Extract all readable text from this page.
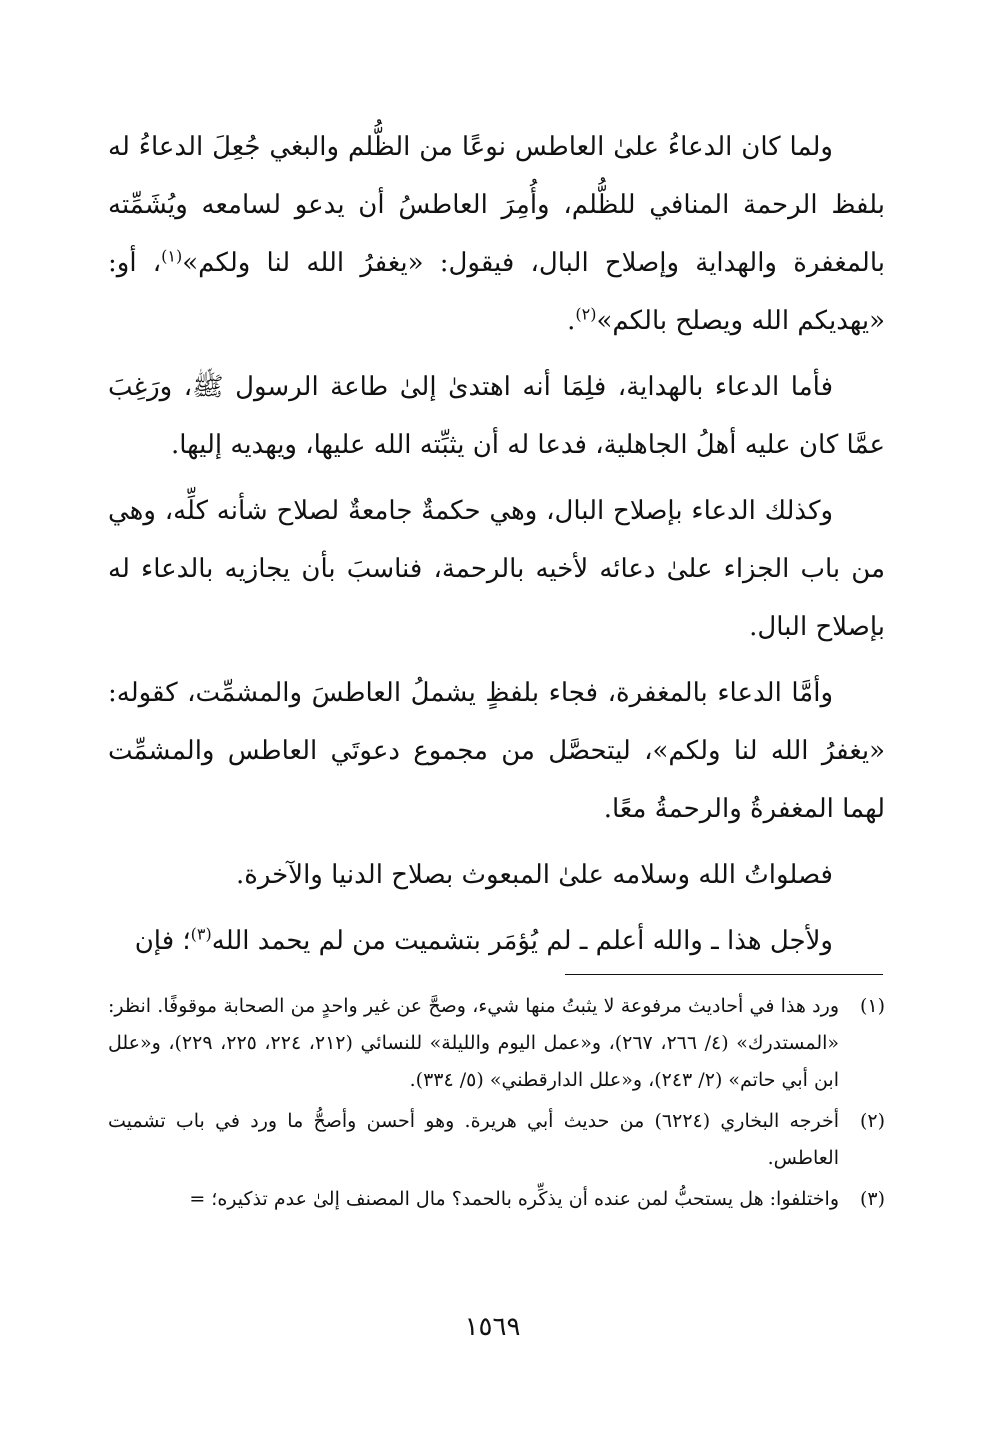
ولما كان الدعاءُ علىٰ العاطس نوعًا من الظُّلم والبغي جُعِلَ الدعاءُ له بلفظ الرحمة المنافي للظُّلم، وأُمِرَ العاطسُ أن يدعو لسامعه ويُشَمِّته بالمغفرة والهداية وإصلاح البال، فيقول: «يغفرُ الله لنا ولكم»$^{(١)}$، أو: «يهديكم الله ويصلح بالكم»$^{(٢)}$.

فأما الدعاء بالهداية، فلِمَا أنه اهتدىٰ إلىٰ طاعة الرسول ﷺ، ورَغِبَ عمَّا كان عليه أهلُ الجاهلية، فدعا له أن يثبِّته الله عليها، ويهديه إليها.

وكذلك الدعاء بإصلاح البال، وهي حكمةٌ جامعةٌ لصلاح شأنه كلِّه، وهي من باب الجزاء علىٰ دعائه لأخيه بالرحمة، فناسبَ بأن يجازيه بالدعاء له بإصلاح البال.

وأمَّا الدعاء بالمغفرة، فجاء بلفظٍ يشملُ العاطسَ والمشمِّت، كقوله: «يغفرُ الله لنا ولكم»، ليتحصَّل من مجموع دعوتَي العاطس والمشمِّت لهما المغفرةُ والرحمةُ معًا.

فصلواتُ الله وسلامه علىٰ المبعوث بصلاح الدنيا والآخرة.

ولأجل هذا ـ والله أعلم ـ لم يُؤمَر بتشميت من لم يحمد الله$^{(٣)}$؛ فإن

(١)
ورد هذا في أحاديث مرفوعة لا يثبتُ منها شيء، وصحَّ عن غير واحدٍ من الصحابة موقوفًا. انظر: «المستدرك» (٤/ ٢٦٦، ٢٦٧)، و«عمل اليوم والليلة» للنسائي (٢١٢، ٢٢٤، ٢٢٥، ٢٢٩)، و«علل ابن أبي حاتم» (٢/ ٢٤٣)، و«علل الدارقطني» (٥/ ٣٣٤).
(٢)
أخرجه البخاري (٦٢٢٤) من حديث أبي هريرة. وهو أحسن وأصحُّ ما ورد في باب تشميت العاطس.
(٣)
واختلفوا: هل يستحبُّ لمن عنده أن يذكِّره بالحمد؟ مال المصنف إلىٰ عدم تذكيره؛ =
١٥٦٩
